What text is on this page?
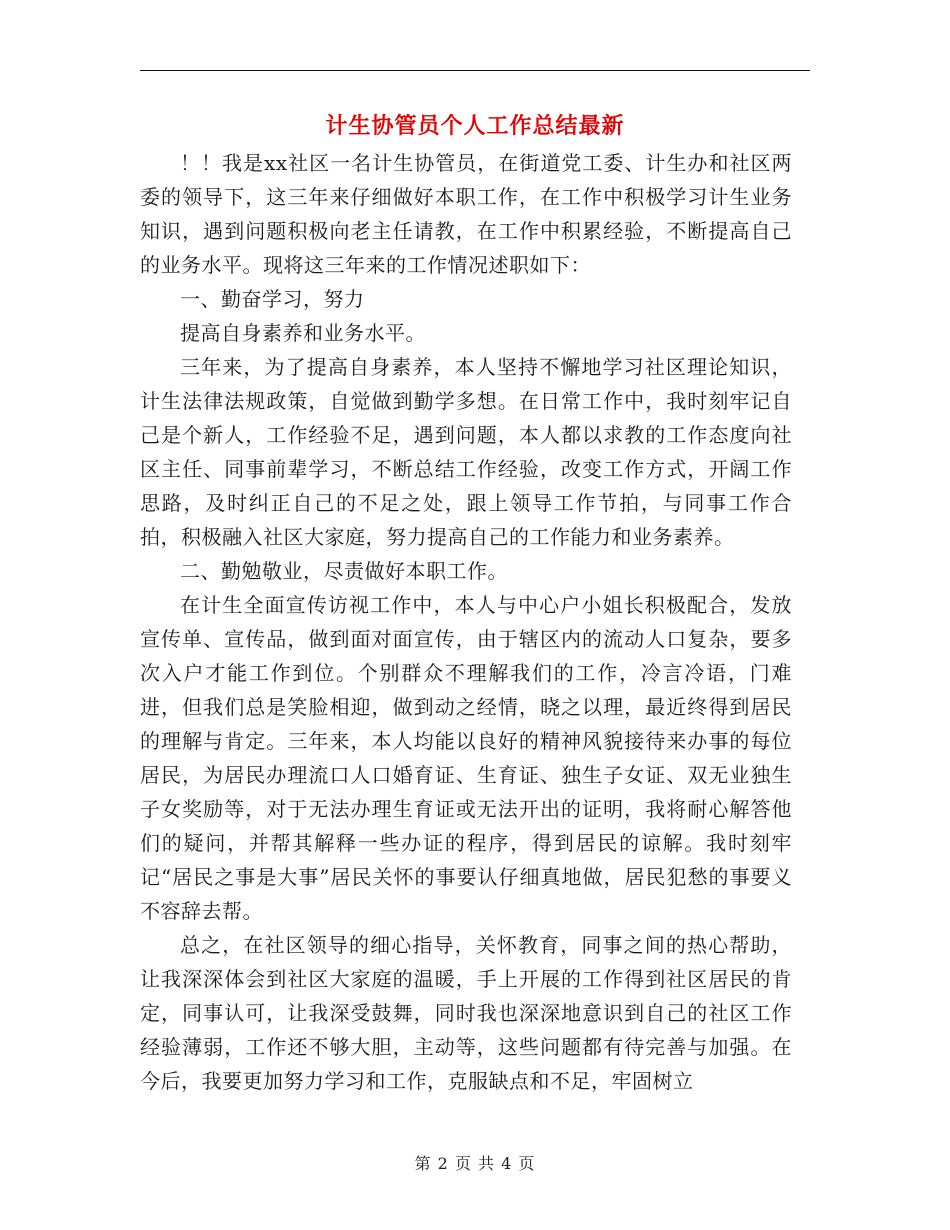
计生协管员个人工作总结最新

！！我是xx社区一名计生协管员，在街道党工委、计生办和社区两委的领导下，这三年来仔细做好本职工作，在工作中积极学习计生业务知识，遇到问题积极向老主任请教，在工作中积累经验，不断提高自己的业务水平。现将这三年来的工作情况述职如下：

一、勤奋学习，努力

提高自身素养和业务水平。

三年来，为了提高自身素养，本人坚持不懈地学习社区理论知识，计生法律法规政策，自觉做到勤学多想。在日常工作中，我时刻牢记自己是个新人，工作经验不足，遇到问题，本人都以求教的工作态度向社区主任、同事前辈学习，不断总结工作经验，改变工作方式，开阔工作思路，及时纠正自己的不足之处，跟上领导工作节拍，与同事工作合拍，积极融入社区大家庭，努力提高自己的工作能力和业务素养。

二、勤勉敬业，尽责做好本职工作。

在计生全面宣传访视工作中，本人与中心户小姐长积极配合，发放宣传单、宣传品，做到面对面宣传，由于辖区内的流动人口复杂，要多次入户才能工作到位。个别群众不理解我们的工作，冷言冷语，门难进，但我们总是笑脸相迎，做到动之经情，晓之以理，最近终得到居民的理解与肯定。三年来，本人均能以良好的精神风貌接待来办事的每位居民，为居民办理流口人口婚育证、生育证、独生子女证、双无业独生子女奖励等，对于无法办理生育证或无法开出的证明，我将耐心解答他们的疑问，并帮其解释一些办证的程序，得到居民的谅解。我时刻牢记“居民之事是大事”居民关怀的事要认仔细真地做，居民犯愁的事要义不容辞去帮。

总之，在社区领导的细心指导，关怀教育，同事之间的热心帮助，让我深深体会到社区大家庭的温暖，手上开展的工作得到社区居民的肯定，同事认可，让我深受鼓舞，同时我也深深地意识到自己的社区工作经验薄弱，工作还不够大胆，主动等，这些问题都有待完善与加强。在今后，我要更加努力学习和工作，克服缺点和不足，牢固树立

第 2 页 共 4 页
